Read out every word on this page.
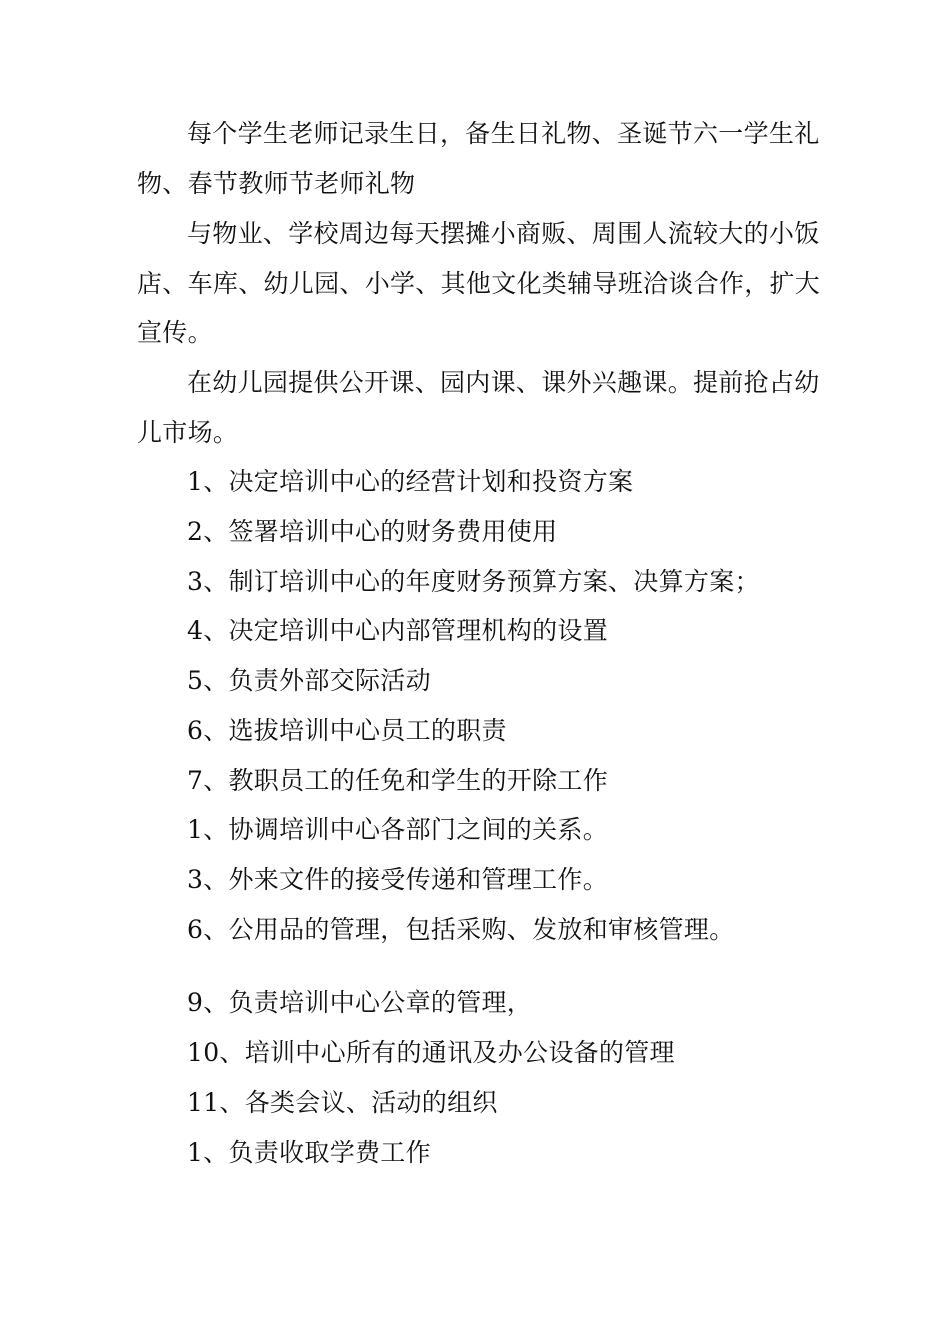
每个学生老师记录生日，备生日礼物、圣诞节六一学生礼
物、春节教师节老师礼物
与物业、学校周边每天摆摊小商贩、周围人流较大的小饭
店、车库、幼儿园、小学、其他文化类辅导班洽谈合作，扩大
宣传。
在幼儿园提供公开课、园内课、课外兴趣课。提前抢占幼
儿市场。
1、决定培训中心的经营计划和投资方案
2、签署培训中心的财务费用使用
3、制订培训中心的年度财务预算方案、决算方案；
4、决定培训中心内部管理机构的设置
5、负责外部交际活动
6、选拔培训中心员工的职责
7、教职员工的任免和学生的开除工作
1、协调培训中心各部门之间的关系。
3、外来文件的接受传递和管理工作。
6、公用品的管理，包括采购、发放和审核管理。
9、负责培训中心公章的管理，
10、培训中心所有的通讯及办公设备的管理
11、各类会议、活动的组织
1、负责收取学费工作
